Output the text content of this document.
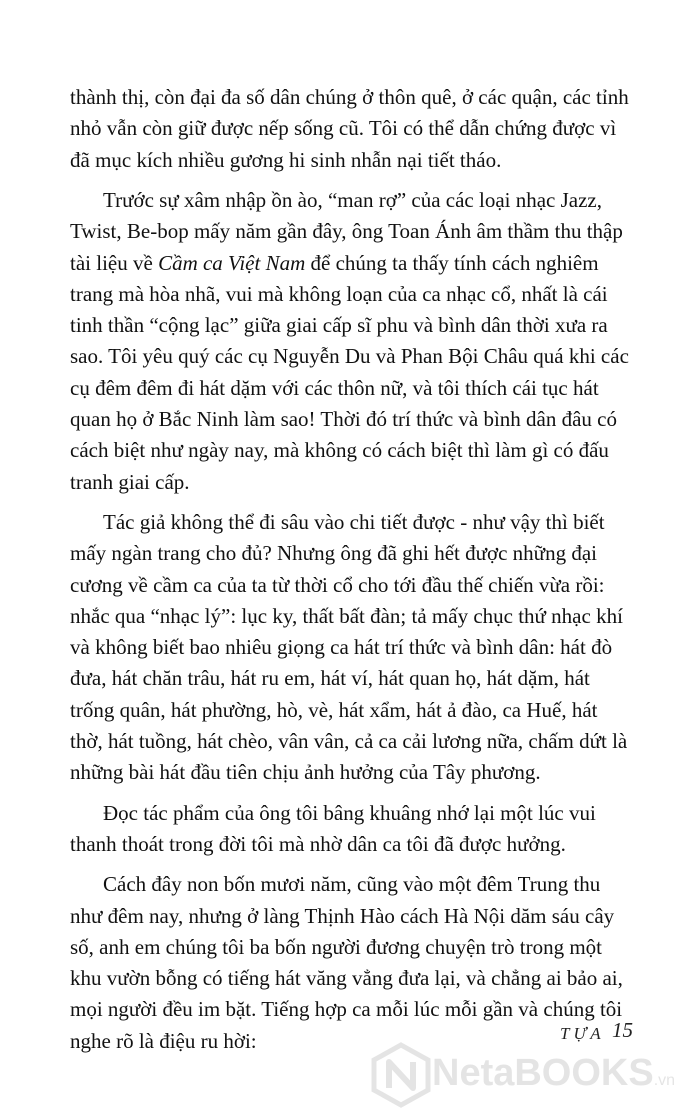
thành thị, còn đại đa số dân chúng ở thôn quê, ở các quận, các tỉnh
nhỏ vẫn còn giữ được nếp sống cũ. Tôi có thể dẫn chứng được vì
đã mục kích nhiều gương hi sinh nhẫn nại tiết tháo.
Trước sự xâm nhập ồn ào, “man rợ” của các loại nhạc Jazz,
Twist, Be-bop mấy năm gần đây, ông Toan Ánh âm thầm thu thập
tài liệu về Cầm ca Việt Nam để chúng ta thấy tính cách nghiêm
trang mà hòa nhã, vui mà không loạn của ca nhạc cổ, nhất là cái
tinh thần “cộng lạc” giữa giai cấp sĩ phu và bình dân thời xưa ra
sao. Tôi yêu quý các cụ Nguyễn Du và Phan Bội Châu quá khi các
cụ đêm đêm đi hát dặm với các thôn nữ, và tôi thích cái tục hát
quan họ ở Bắc Ninh làm sao! Thời đó trí thức và bình dân đâu có
cách biệt như ngày nay, mà không có cách biệt thì làm gì có đấu
tranh giai cấp.
Tác giả không thể đi sâu vào chi tiết được - như vậy thì biết
mấy ngàn trang cho đủ? Nhưng ông đã ghi hết được những đại
cương về cầm ca của ta từ thời cổ cho tới đầu thế chiến vừa rồi:
nhắc qua “nhạc lý”: lục ky, thất bất đàn; tả mấy chục thứ nhạc khí
và không biết bao nhiêu giọng ca hát trí thức và bình dân: hát đò
đưa, hát chăn trâu, hát ru em, hát ví, hát quan họ, hát dặm, hát
trống quân, hát phường, hò, vè, hát xẩm, hát ả đào, ca Huế, hát
thờ, hát tuồng, hát chèo, vân vân, cả ca cải lương nữa, chấm dứt là
những bài hát đầu tiên chịu ảnh hưởng của Tây phương.
Đọc tác phẩm của ông tôi bâng khuâng nhớ lại một lúc vui
thanh thoát trong đời tôi mà nhờ dân ca tôi đã được hưởng.
Cách đây non bốn mươi năm, cũng vào một đêm Trung thu
như đêm nay, nhưng ở làng Thịnh Hào cách Hà Nội dăm sáu cây
số, anh em chúng tôi ba bốn người đương chuyện trò trong một
khu vườn bỗng có tiếng hát văng vẳng đưa lại, và chẳng ai bảo ai,
mọi người đều im bặt. Tiếng hợp ca mỗi lúc mỗi gần và chúng tôi
nghe rõ là điệu ru hời:	TỰA 15
NetaBOOKS.vn
